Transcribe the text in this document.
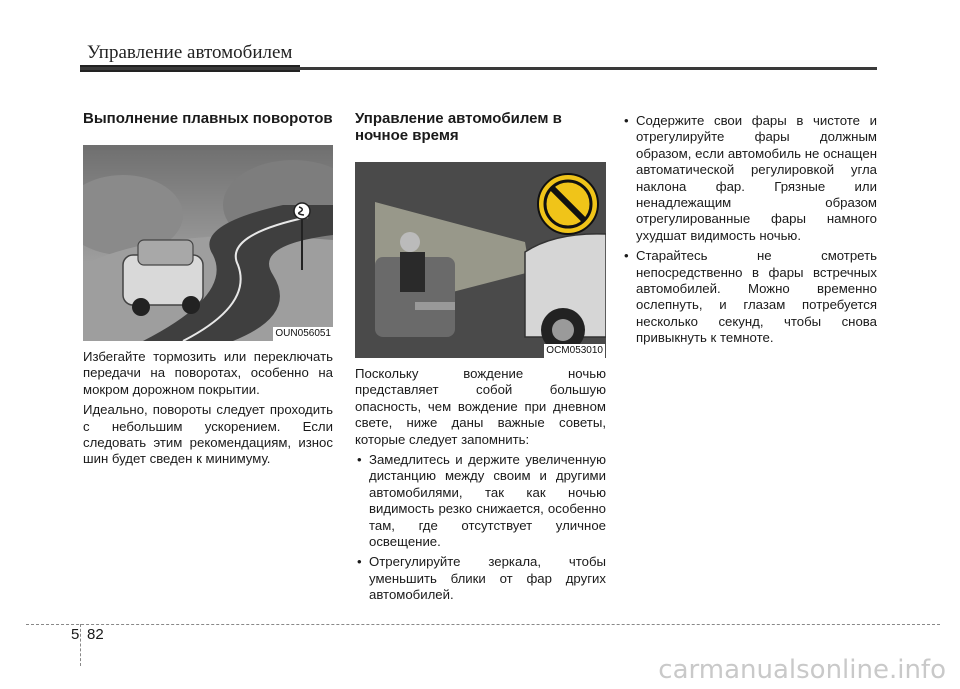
Управление автомобилем
Выполнение плавных поворотов
OUN056051

Избегайте тормозить или переключать передачи на поворотах, особенно на мокром дорожном покрытии.

Идеально, повороты следует проходить с небольшим ускорением. Если следовать этим рекомендациям, износ шин будет сведен к минимуму.

Управление автомобилем в ночное время
OCM053010

Поскольку вождение ночью представляет собой большую опасность, чем вождение при дневном свете, ниже даны важные советы, которые следует запомнить:

• Замедлитесь и держите увеличенную дистанцию между своим и другими автомобилями, так как ночью видимость резко снижается, особенно там, где отсутствует уличное освещение.
• Отрегулируйте зеркала, чтобы уменьшить блики от фар других автомобилей.
• Содержите свои фары в чистоте и отрегулируйте фары должным образом, если автомобиль не оснащен автоматической регулировкой угла наклона фар. Грязные или ненадлежащим образом отрегулированные фары намного ухудшат видимость ночью.
• Старайтесь не смотреть непосредственно в фары встречных автомобилей. Можно временно ослепнуть, и глазам потребуется несколько секунд, чтобы снова привыкнуть к темноте.
5 82
carmanualsonline.info
